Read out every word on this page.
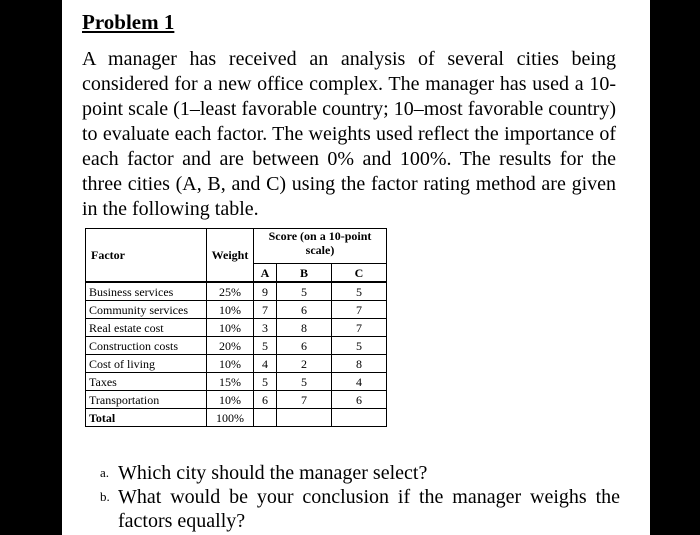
Problem 1

A manager has received an analysis of several cities being considered for a new office complex. The manager has used a 10-point scale (1–least favorable country; 10–most favorable country) to evaluate each factor. The weights used reflect the importance of each factor and are between 0% and 100%. The results for the three cities (A, B, and C) using the factor rating method are given in the following table.

Factor	Weight	Score (on a 10-point scale)		
		A	B	C
Business services	25%	9	5	5
Community services	10%	7	6	7
Real estate cost	10%	3	8	7
Construction costs	20%	5	6	5
Cost of living	10%	4	2	8
Taxes	15%	5	5	4
Transportation	10%	6	7	6
Total	100%			

a. Which city should the manager select?

b. What would be your conclusion if the manager weighs the factors equally?
